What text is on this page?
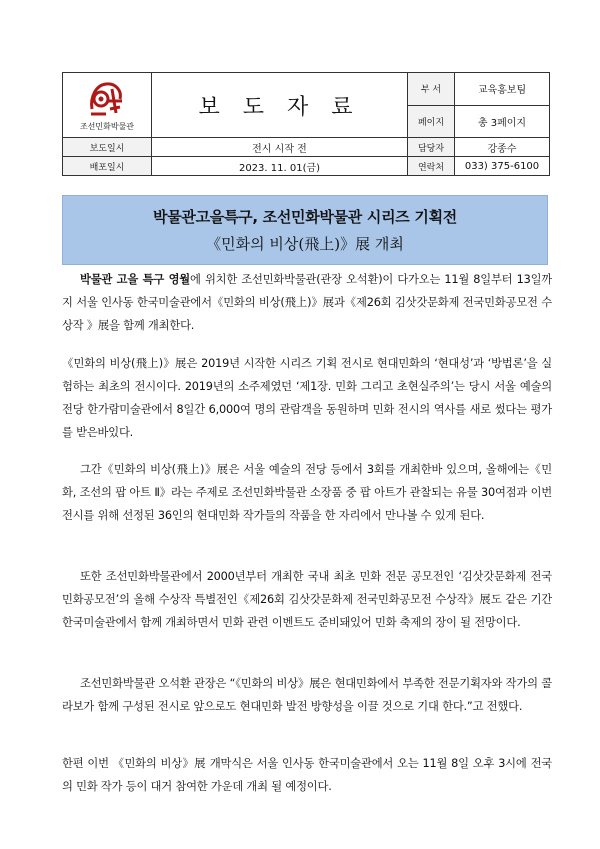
조선민화박물관	보 도 자 료	부 서	교육홍보팀
		페이지	총 3페이지
보도일시	전시 시작 전	담당자	강종수
배포일시	2023. 11. 01(금)	연락처	033) 375-6100
박물관고을특구, 조선민화박물관 시리즈 기획전
《민화의 비상(飛上)》展 개최

박물관 고을 특구 영월에 위치한 조선민화박물관(관장 오석환)이 다가오는 11월 8일부터 13일까지 서울 인사동 한국미술관에서《민화의 비상(飛上)》展과《제26회 김삿갓문화제 전국민화공모전 수상작 》展을 함께 개최한다.

《민화의 비상(飛上)》展은 2019년 시작한 시리즈 기획 전시로 현대민화의 ‘현대성’과 ‘방법론’을 실험하는 최초의 전시이다. 2019년의 소주제였던 ‘제1장. 민화 그리고 초현실주의’는 당시 서울 예술의전당 한가람미술관에서 8일간 6,000여 명의 관람객을 동원하며 민화 전시의 역사를 새로 썼다는 평가를 받은바있다.

그간《민화의 비상(飛上)》展은 서울 예술의 전당 등에서 3회를 개최한바 있으며, 올해에는《민화, 조선의 팝 아트 Ⅱ》라는 주제로 조선민화박물관 소장품 중 팝 아트가 관찰되는 유물 30여점과 이번 전시를 위해 선정된 36인의 현대민화 작가들의 작품을 한 자리에서 만나볼 수 있게 된다.

또한 조선민화박물관에서 2000년부터 개최한 국내 최초 민화 전문 공모전인 ‘김삿갓문화제 전국민화공모전’의 올해 수상작 특별전인《제26회 김삿갓문화제 전국민화공모전 수상작》展도 같은 기간 한국미술관에서 함께 개최하면서 민화 관련 이벤트도 준비돼있어 민화 축제의 장이 될 전망이다.

조선민화박물관 오석환 관장은 “《민화의 비상》展은 현대민화에서 부족한 전문기획자와 작가의 콜라보가 함께 구성된 전시로 앞으로도 현대민화 발전 방향성을 이끌 것으로 기대 한다.”고 전했다.

한편 이번 《민화의 비상》展 개막식은 서울 인사동 한국미술관에서 오는 11월 8일 오후 3시에 전국의 민화 작가 등이 대거 참여한 가운데 개최 될 예정이다.
